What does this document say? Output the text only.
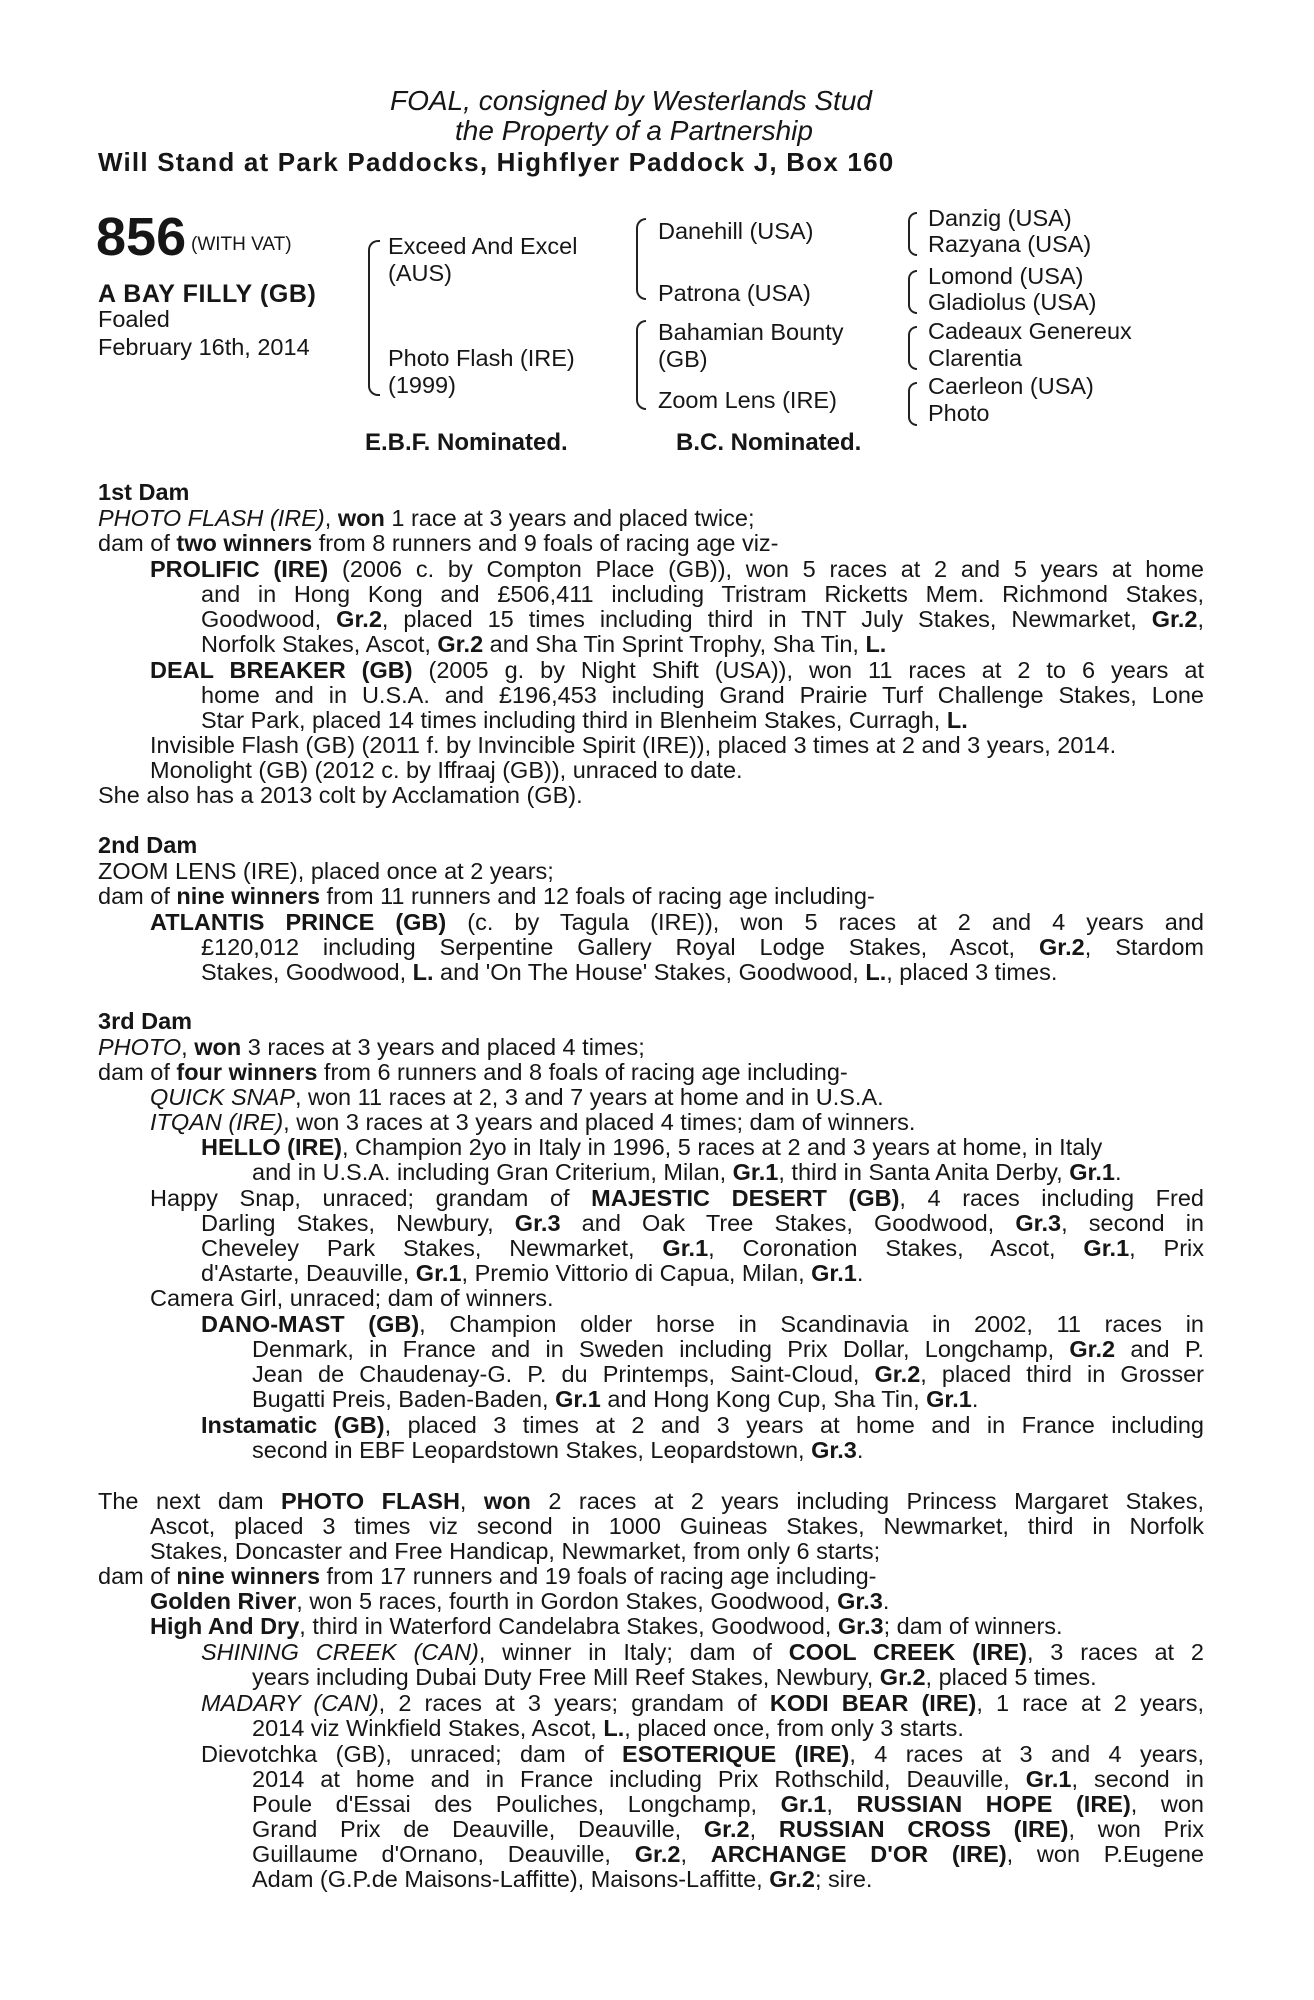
FOAL, consigned by Westerlands Stud
the Property of a Partnership
Will Stand at Park Paddocks, Highflyer Paddock J, Box 160
856 (WITH VAT)
A BAY FILLY (GB)
Foaled
February 16th, 2014
Exceed And Excel
(AUS)
Photo Flash (IRE)
(1999)
Danehill (USA)
Patrona (USA)
Bahamian Bounty
(GB)
Zoom Lens (IRE)
Danzig (USA)
Razyana (USA)
Lomond (USA)
Gladiolus (USA)
Cadeaux Genereux
Clarentia
Caerleon (USA)
Photo
E.B.F. Nominated.	B.C. Nominated.
1st Dam
PHOTO FLASH (IRE), won 1 race at 3 years and placed twice;
dam of two winners from 8 runners and 9 foals of racing age viz-
PROLIFIC (IRE) (2006 c. by Compton Place (GB)), won 5 races at 2 and 5 years at home
and in Hong Kong and £506,411 including Tristram Ricketts Mem. Richmond Stakes,
Goodwood, Gr.2, placed 15 times including third in TNT July Stakes, Newmarket, Gr.2,
Norfolk Stakes, Ascot, Gr.2 and Sha Tin Sprint Trophy, Sha Tin, L.
DEAL BREAKER (GB) (2005 g. by Night Shift (USA)), won 11 races at 2 to 6 years at
home and in U.S.A. and £196,453 including Grand Prairie Turf Challenge Stakes, Lone
Star Park, placed 14 times including third in Blenheim Stakes, Curragh, L.
Invisible Flash (GB) (2011 f. by Invincible Spirit (IRE)), placed 3 times at 2 and 3 years, 2014.
Monolight (GB) (2012 c. by Iffraaj (GB)), unraced to date.
She also has a 2013 colt by Acclamation (GB).
2nd Dam
ZOOM LENS (IRE), placed once at 2 years;
dam of nine winners from 11 runners and 12 foals of racing age including-
ATLANTIS PRINCE (GB) (c. by Tagula (IRE)), won 5 races at 2 and 4 years and
£120,012 including Serpentine Gallery Royal Lodge Stakes, Ascot, Gr.2, Stardom
Stakes, Goodwood, L. and 'On The House' Stakes, Goodwood, L., placed 3 times.
3rd Dam
PHOTO, won 3 races at 3 years and placed 4 times;
dam of four winners from 6 runners and 8 foals of racing age including-
QUICK SNAP, won 11 races at 2, 3 and 7 years at home and in U.S.A.
ITQAN (IRE), won 3 races at 3 years and placed 4 times; dam of winners.
HELLO (IRE), Champion 2yo in Italy in 1996, 5 races at 2 and 3 years at home, in Italy
and in U.S.A. including Gran Criterium, Milan, Gr.1, third in Santa Anita Derby, Gr.1.
Happy Snap, unraced; grandam of MAJESTIC DESERT (GB), 4 races including Fred
Darling Stakes, Newbury, Gr.3 and Oak Tree Stakes, Goodwood, Gr.3, second in
Cheveley Park Stakes, Newmarket, Gr.1, Coronation Stakes, Ascot, Gr.1, Prix
d'Astarte, Deauville, Gr.1, Premio Vittorio di Capua, Milan, Gr.1.
Camera Girl, unraced; dam of winners.
DANO-MAST (GB), Champion older horse in Scandinavia in 2002, 11 races in
Denmark, in France and in Sweden including Prix Dollar, Longchamp, Gr.2 and P.
Jean de Chaudenay-G. P. du Printemps, Saint-Cloud, Gr.2, placed third in Grosser
Bugatti Preis, Baden-Baden, Gr.1 and Hong Kong Cup, Sha Tin, Gr.1.
Instamatic (GB), placed 3 times at 2 and 3 years at home and in France including
second in EBF Leopardstown Stakes, Leopardstown, Gr.3.
The next dam PHOTO FLASH, won 2 races at 2 years including Princess Margaret Stakes,
Ascot, placed 3 times viz second in 1000 Guineas Stakes, Newmarket, third in Norfolk
Stakes, Doncaster and Free Handicap, Newmarket, from only 6 starts;
dam of nine winners from 17 runners and 19 foals of racing age including-
Golden River, won 5 races, fourth in Gordon Stakes, Goodwood, Gr.3.
High And Dry, third in Waterford Candelabra Stakes, Goodwood, Gr.3; dam of winners.
SHINING CREEK (CAN), winner in Italy; dam of COOL CREEK (IRE), 3 races at 2
years including Dubai Duty Free Mill Reef Stakes, Newbury, Gr.2, placed 5 times.
MADARY (CAN), 2 races at 3 years; grandam of KODI BEAR (IRE), 1 race at 2 years,
2014 viz Winkfield Stakes, Ascot, L., placed once, from only 3 starts.
Dievotchka (GB), unraced; dam of ESOTERIQUE (IRE), 4 races at 3 and 4 years,
2014 at home and in France including Prix Rothschild, Deauville, Gr.1, second in
Poule d'Essai des Pouliches, Longchamp, Gr.1, RUSSIAN HOPE (IRE), won
Grand Prix de Deauville, Deauville, Gr.2, RUSSIAN CROSS (IRE), won Prix
Guillaume d'Ornano, Deauville, Gr.2, ARCHANGE D'OR (IRE), won P.Eugene
Adam (G.P.de Maisons-Laffitte), Maisons-Laffitte, Gr.2; sire.
